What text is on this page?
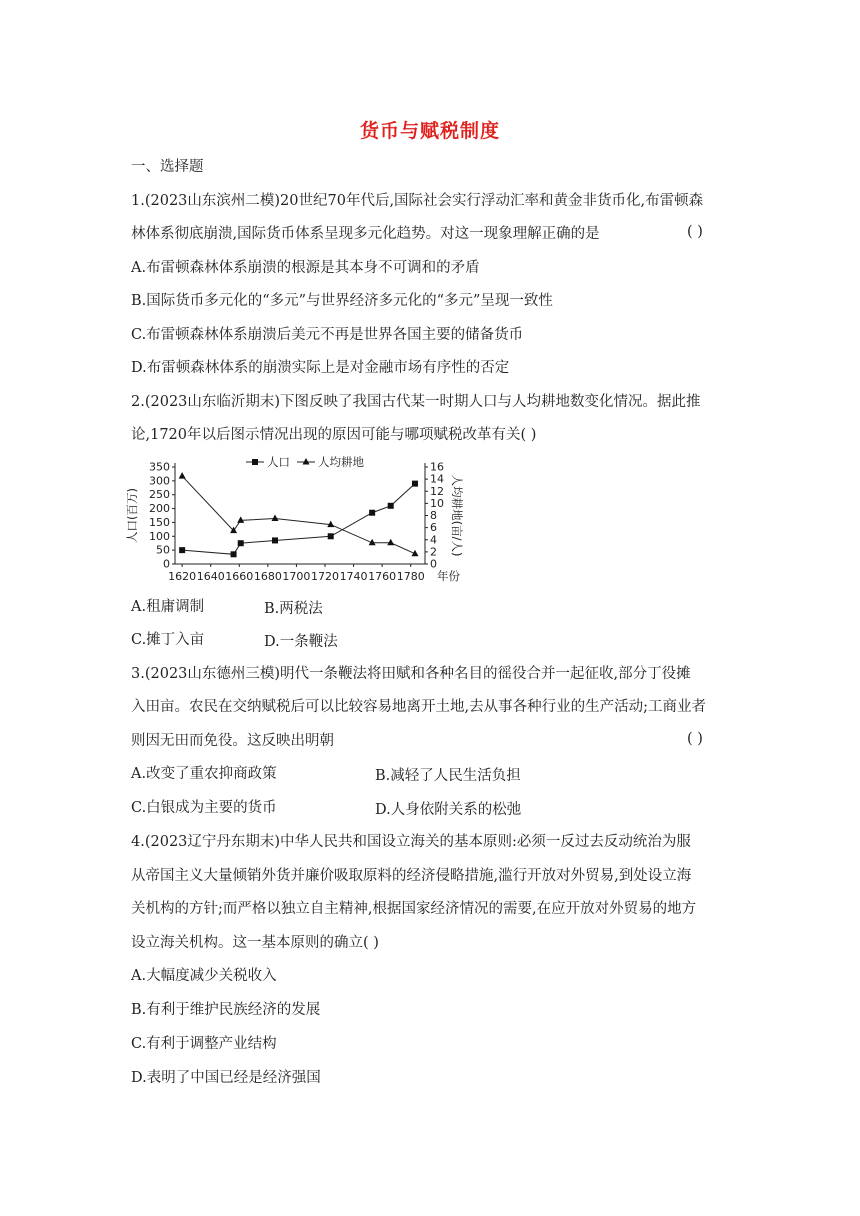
货币与赋税制度
一、选择题
1.(2023山东滨州二模)20世纪70年代后,国际社会实行浮动汇率和黄金非货币化,布雷顿森
林体系彻底崩溃,国际货币体系呈现多元化趋势。对这一现象理解正确的是	( )
A.布雷顿森林体系崩溃的根源是其本身不可调和的矛盾
B.国际货币多元化的“多元”与世界经济多元化的“多元”呈现一致性
C.布雷顿森林体系崩溃后美元不再是世界各国主要的储备货币
D.布雷顿森林体系的崩溃实际上是对金融市场有序性的否定
2.(2023山东临沂期末)下图反映了我国古代某一时期人口与人均耕地数变化情况。据此推
论,1720年以后图示情况出现的原因可能与哪项赋税改革有关( )
0
50
100
150
200
250
300
350
0
2
4
6
8
10
12
14
16
1620 1640 1660 1680 1700 1720 1740 1760 1780 年份
人口(百万)	人均耕地(亩/人)
人口 人均耕地
A.租庸调制	B.两税法
C.摊丁入亩	D.一条鞭法
3.(2023山东德州三模)明代一条鞭法将田赋和各种名目的徭役合并一起征收,部分丁役摊
入田亩。农民在交纳赋税后可以比较容易地离开土地,去从事各种行业的生产活动;工商业者
则因无田而免役。这反映出明朝	( )
A.改变了重农抑商政策	B.减轻了人民生活负担
C.白银成为主要的货币	D.人身依附关系的松弛
4.(2023辽宁丹东期末)中华人民共和国设立海关的基本原则:必须一反过去反动统治为服
从帝国主义大量倾销外货并廉价吸取原料的经济侵略措施,滥行开放对外贸易,到处设立海
关机构的方针;而严格以独立自主精神,根据国家经济情况的需要,在应开放对外贸易的地方
设立海关机构。这一基本原则的确立( )
A.大幅度减少关税收入
B.有利于维护民族经济的发展
C.有利于调整产业结构
D.表明了中国已经是经济强国
